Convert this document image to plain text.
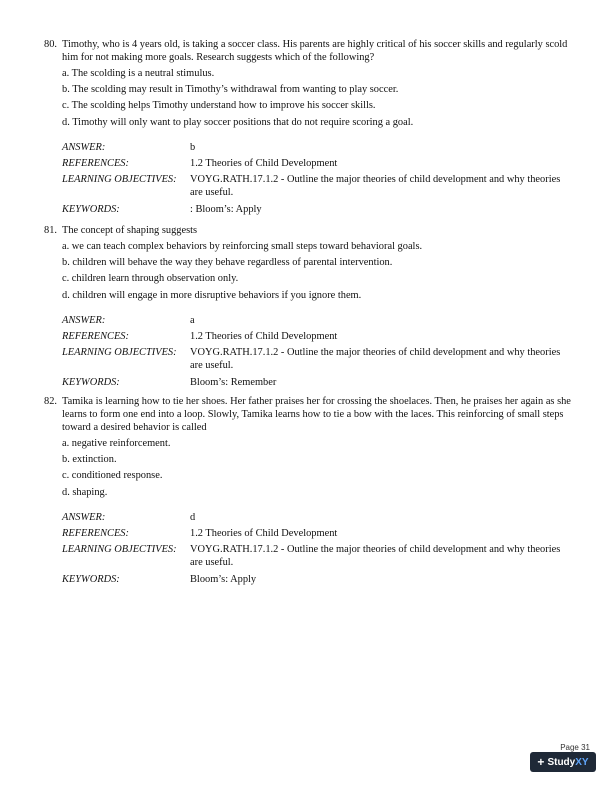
80. Timothy, who is 4 years old, is taking a soccer class. His parents are highly critical of his soccer skills and regularly scold him for not making more goals. Research suggests which of the following?
a. The scolding is a neutral stimulus.
b. The scolding may result in Timothy’s withdrawal from wanting to play soccer.
c. The scolding helps Timothy understand how to improve his soccer skills.
d. Timothy will only want to play soccer positions that do not require scoring a goal.
ANSWER:	b
REFERENCES:	1.2 Theories of Child Development
LEARNING OBJECTIVES:	VOYG.RATH.17.1.2 - Outline the major theories of child development and why theories are useful.
KEYWORDS:	: Bloom’s: Apply
81. The concept of shaping suggests
a. we can teach complex behaviors by reinforcing small steps toward behavioral goals.
b. children will behave the way they behave regardless of parental intervention.
c. children learn through observation only.
d. children will engage in more disruptive behaviors if you ignore them.
ANSWER:	a
REFERENCES:	1.2 Theories of Child Development
LEARNING OBJECTIVES:	VOYG.RATH.17.1.2 - Outline the major theories of child development and why theories are useful.
KEYWORDS:	Bloom’s: Remember
82. Tamika is learning how to tie her shoes. Her father praises her for crossing the shoelaces. Then, he praises her again as she learns to form one end into a loop. Slowly, Tamika learns how to tie a bow with the laces. This reinforcing of small steps toward a desired behavior is called
a. negative reinforcement.
b. extinction.
c. conditioned response.
d. shaping.
ANSWER:	d
REFERENCES:	1.2 Theories of Child Development
LEARNING OBJECTIVES:	VOYG.RATH.17.1.2 - Outline the major theories of child development and why theories are useful.
KEYWORDS:	Bloom’s: Apply
Page 31
+ StudyXY
